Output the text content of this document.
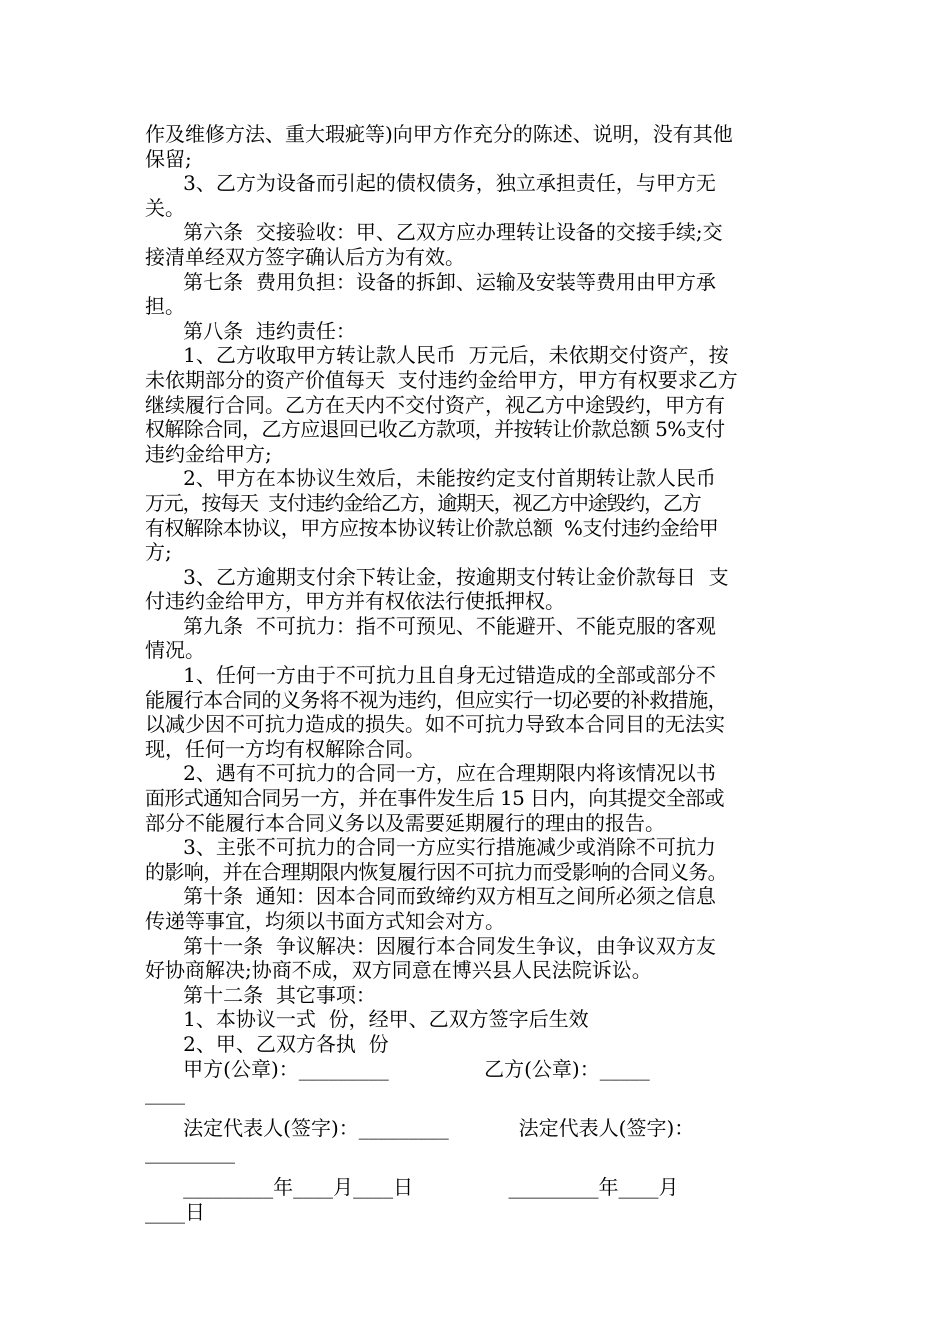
作及维修方法、重大瑕疵等)向甲方作充分的陈述、说明，没有其他
保留;
3、乙方为设备而引起的债权债务，独立承担责任，与甲方无
关。
第六条  交接验收：甲、乙双方应办理转让设备的交接手续;交
接清单经双方签字确认后方为有效。
第七条  费用负担：设备的拆卸、运输及安装等费用由甲方承
担。
第八条  违约责任：
1、乙方收取甲方转让款人民币  万元后，未依期交付资产，按
未依期部分的资产价值每天  支付违约金给甲方，甲方有权要求乙方
继续履行合同。乙方在天内不交付资产，视乙方中途毁约，甲方有
权解除合同，乙方应退回已收乙方款项，并按转让价款总额 5%支付
违约金给甲方;
2、甲方在本协议生效后，未能按约定支付首期转让款人民币
万元，按每天  支付违约金给乙方，逾期天，视乙方中途毁约，乙方
有权解除本协议，甲方应按本协议转让价款总额  %支付违约金给甲
方;
3、乙方逾期支付余下转让金，按逾期支付转让金价款每日  支
付违约金给甲方，甲方并有权依法行使抵押权。
第九条  不可抗力：指不可预见、不能避开、不能克服的客观
情况。
1、任何一方由于不可抗力且自身无过错造成的全部或部分不
能履行本合同的义务将不视为违约，但应实行一切必要的补救措施，
以减少因不可抗力造成的损失。如不可抗力导致本合同目的无法实
现，任何一方均有权解除合同。
2、遇有不可抗力的合同一方，应在合理期限内将该情况以书
面形式通知合同另一方，并在事件发生后 15 日内，向其提交全部或
部分不能履行本合同义务以及需要延期履行的理由的报告。
3、主张不可抗力的合同一方应实行措施减少或消除不可抗力
的影响，并在合理期限内恢复履行因不可抗力而受影响的合同义务。
第十条  通知：因本合同而致缔约双方相互之间所必须之信息
传递等事宜，均须以书面方式知会对方。
第十一条  争议解决：因履行本合同发生争议，由争议双方友
好协商解决;协商不成，双方同意在博兴县人民法院诉讼。
第十二条  其它事项：
1、本协议一式  份，经甲、乙双方签字后生效
2、甲、乙双方各执  份
甲方(公章)：_________               乙方(公章)：_____
____
法定代表人(签字)：_________           法定代表人(签字)：
_________
_________年____月____日               _________年____月
____日
